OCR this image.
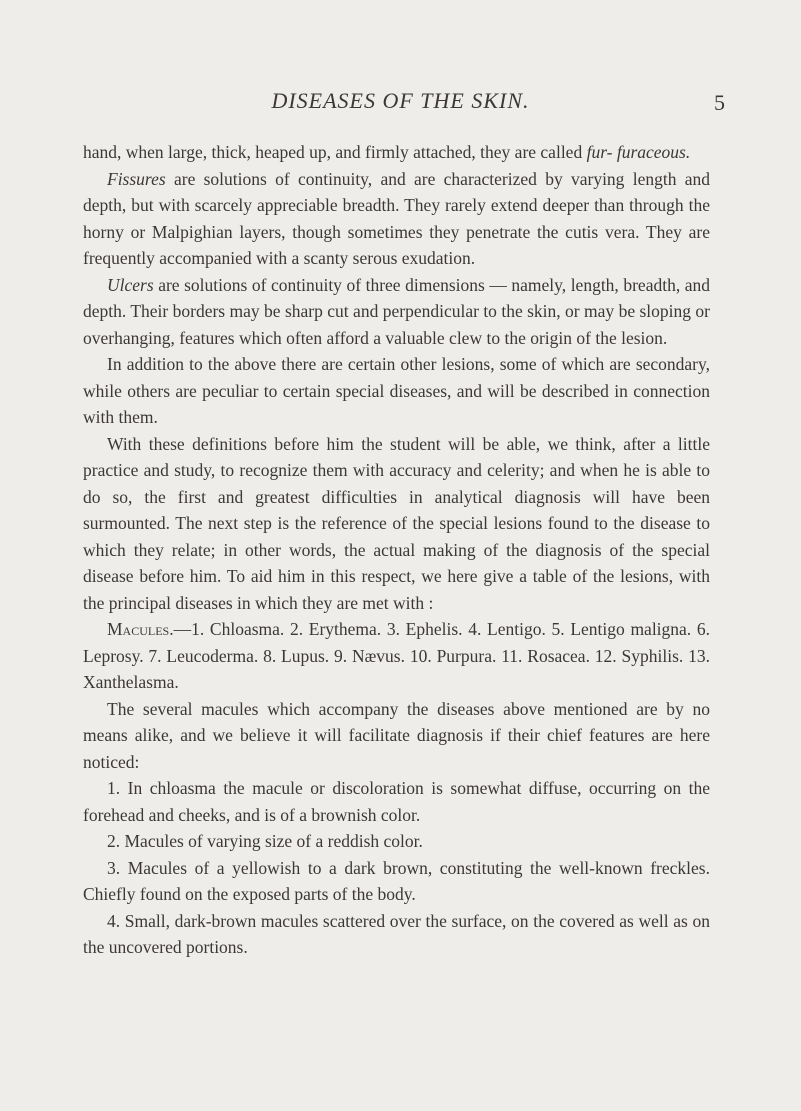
DISEASES OF THE SKIN.	5

hand, when large, thick, heaped up, and firmly attached, they are called fur- furaceous.

Fissures are solutions of continuity, and are characterized by varying length and depth, but with scarcely appreciable breadth. They rarely extend deeper than through the horny or Malpighian layers, though sometimes they penetrate the cutis vera. They are frequently accompanied with a scanty serous exudation.

Ulcers are solutions of continuity of three dimensions — namely, length, breadth, and depth. Their borders may be sharp cut and perpendicular to the skin, or may be sloping or overhanging, features which often afford a valuable clew to the origin of the lesion.

In addition to the above there are certain other lesions, some of which are secondary, while others are peculiar to certain special diseases, and will be described in connection with them.

With these definitions before him the student will be able, we think, after a little practice and study, to recognize them with accuracy and celerity; and when he is able to do so, the first and greatest difficulties in analytical diagnosis will have been surmounted. The next step is the reference of the special lesions found to the disease to which they relate; in other words, the actual making of the diagnosis of the special disease before him. To aid him in this respect, we here give a table of the lesions, with the principal diseases in which they are met with :

Macules.—1. Chloasma. 2. Erythema. 3. Ephelis. 4. Lentigo. 5. Lentigo maligna. 6. Leprosy. 7. Leucoderma. 8. Lupus. 9. Nævus. 10. Purpura. 11. Rosacea. 12. Syphilis. 13. Xanthelasma.

The several macules which accompany the diseases above mentioned are by no means alike, and we believe it will facilitate diagnosis if their chief features are here noticed:

1. In chloasma the macule or discoloration is somewhat diffuse, occurring on the forehead and cheeks, and is of a brownish color.

2. Macules of varying size of a reddish color.

3. Macules of a yellowish to a dark brown, constituting the well-known freckles. Chiefly found on the exposed parts of the body.

4. Small, dark-brown macules scattered over the surface, on the covered as well as on the uncovered portions.
